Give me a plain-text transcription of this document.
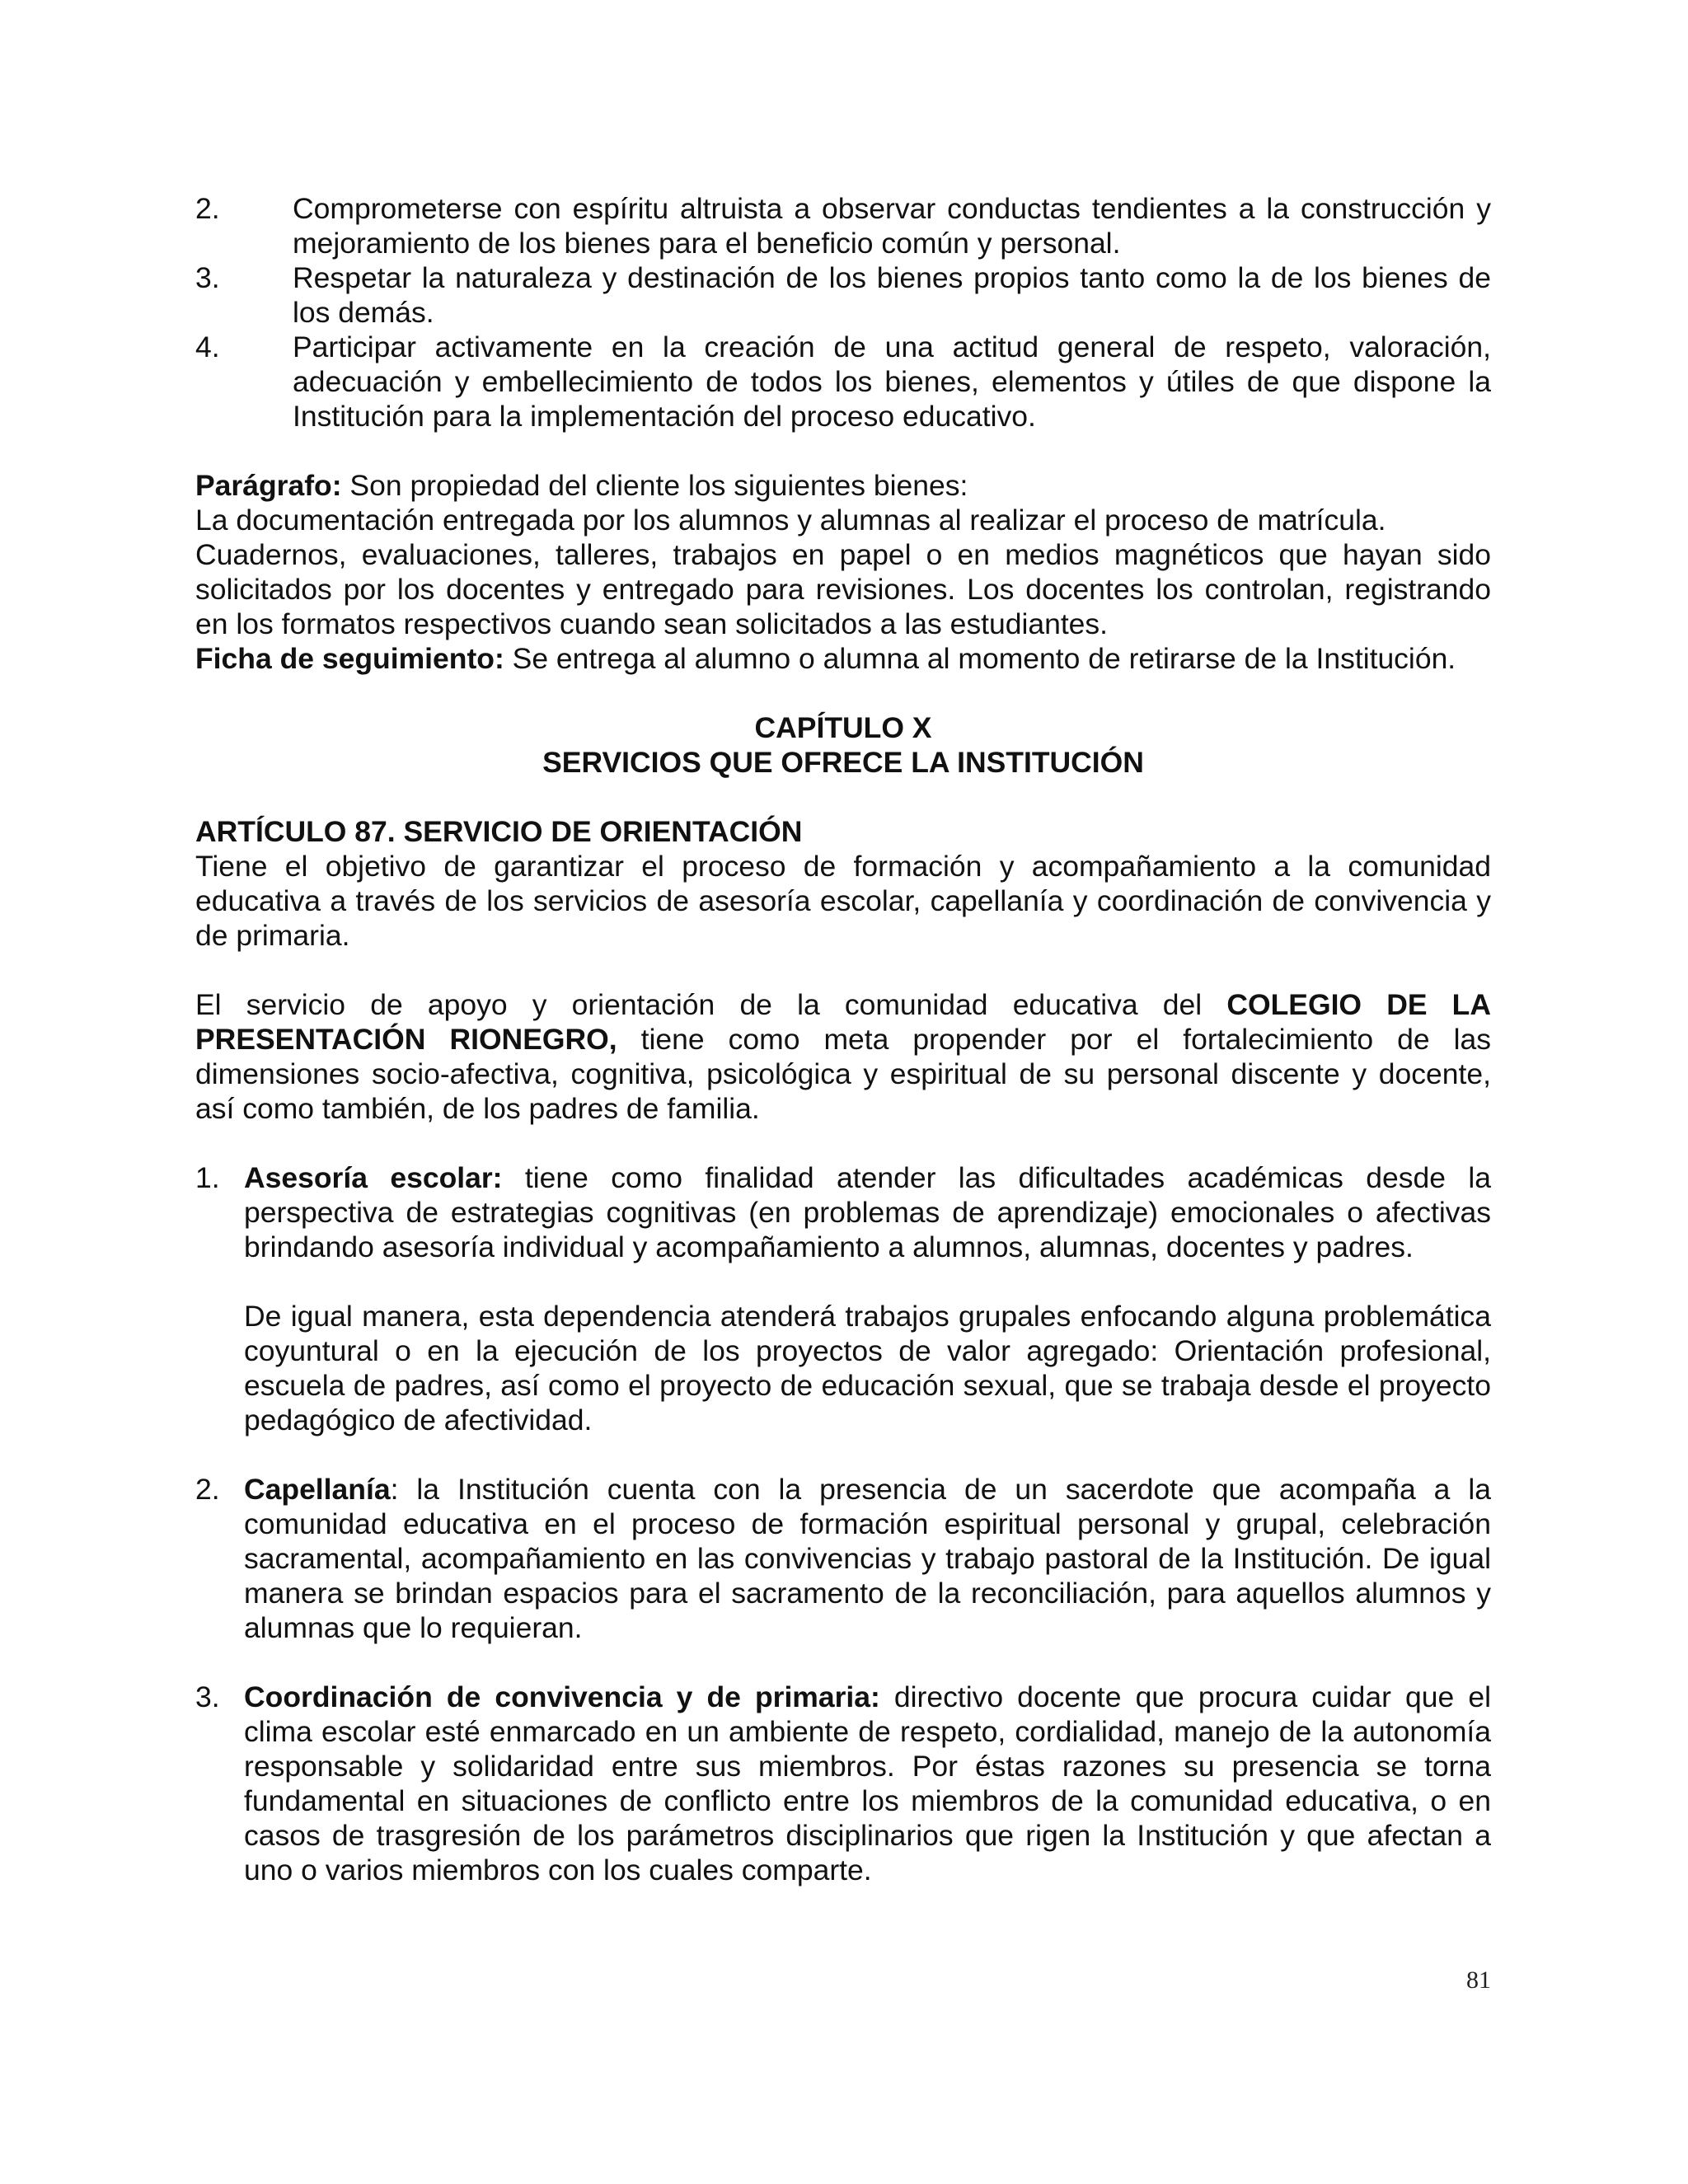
2. Comprometerse con espíritu altruista a observar conductas tendientes a la construcción y mejoramiento de los bienes para el beneficio común y personal.
3. Respetar la naturaleza y destinación de los bienes propios tanto como la de los bienes de los demás.
4. Participar activamente en la creación de una actitud general de respeto, valoración, adecuación y embellecimiento de todos los bienes, elementos y útiles de que dispone la Institución para la implementación del proceso educativo.
Parágrafo: Son propiedad del cliente los siguientes bienes:
La documentación entregada por los alumnos y alumnas al realizar el proceso de matrícula.
Cuadernos, evaluaciones, talleres, trabajos en papel o en medios magnéticos que hayan sido solicitados por los docentes y entregado para revisiones. Los docentes los controlan, registrando en los formatos respectivos cuando sean solicitados a las estudiantes.
Ficha de seguimiento: Se entrega al alumno o alumna al momento de retirarse de la Institución.
CAPÍTULO X
SERVICIOS QUE OFRECE LA INSTITUCIÓN
ARTÍCULO 87. SERVICIO DE ORIENTACIÓN
Tiene el objetivo de garantizar el proceso de formación y acompañamiento a la comunidad educativa a través de los servicios de asesoría escolar, capellanía y coordinación de convivencia y de primaria.
El servicio de apoyo y orientación de la comunidad educativa del COLEGIO DE LA PRESENTACIÓN RIONEGRO, tiene como meta propender por el fortalecimiento de las dimensiones socio-afectiva, cognitiva, psicológica y espiritual de su personal discente y docente, así como también, de los padres de familia.
1. Asesoría escolar: tiene como finalidad atender las dificultades académicas desde la perspectiva de estrategias cognitivas (en problemas de aprendizaje) emocionales o afectivas brindando asesoría individual y acompañamiento a alumnos, alumnas, docentes y padres.
De igual manera, esta dependencia atenderá trabajos grupales enfocando alguna problemática coyuntural o en la ejecución de los proyectos de valor agregado: Orientación profesional, escuela de padres, así como el proyecto de educación sexual, que se trabaja desde el proyecto pedagógico de afectividad.
2. Capellanía: la Institución cuenta con la presencia de un sacerdote que acompaña a la comunidad educativa en el proceso de formación espiritual personal y grupal, celebración sacramental, acompañamiento en las convivencias y trabajo pastoral de la Institución. De igual manera se brindan espacios para el sacramento de la reconciliación, para aquellos alumnos y alumnas que lo requieran.
3. Coordinación de convivencia y de primaria: directivo docente que procura cuidar que el clima escolar esté enmarcado en un ambiente de respeto, cordialidad, manejo de la autonomía responsable y solidaridad entre sus miembros. Por éstas razones su presencia se torna fundamental en situaciones de conflicto entre los miembros de la comunidad educativa, o en casos de trasgresión de los parámetros disciplinarios que rigen la Institución y que afectan a uno o varios miembros con los cuales comparte.
81
